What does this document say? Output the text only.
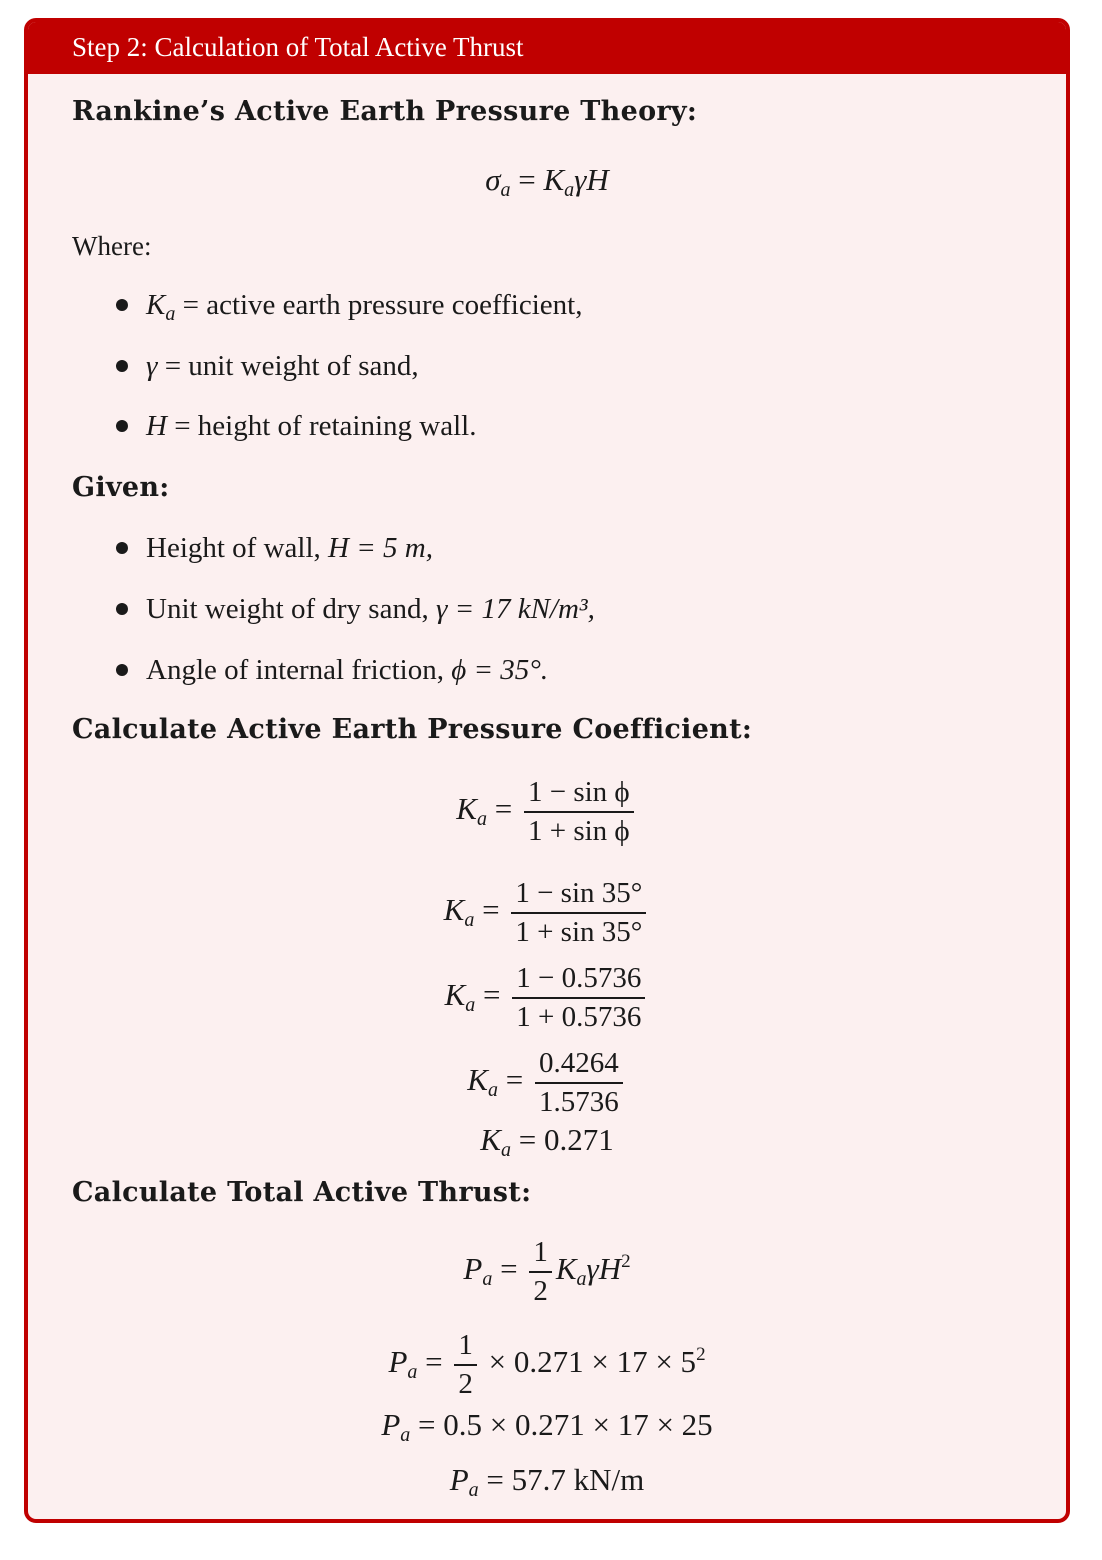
Step 2: Calculation of Total Active Thrust
Rankine’s Active Earth Pressure Theory:
$\sigma_a = K_a\gamma H$
Where:
$K_a$ = active earth pressure coefficient,
γ = unit weight of sand,
H = height of retaining wall.
Given:
Height of wall, H = 5 m,
Unit weight of dry sand, γ = 17 kN/m³,
Angle of internal friction, ϕ = 35°.
Calculate Active Earth Pressure Coefficient:
$K_a = \frac{\text{1 − sin ϕ}}{\text{1 + sin ϕ}}$
$K_a = \frac{1 - \sin 35^\circ}{1 + \sin 35^\circ}$
$K_a = \frac{1 - 0.5736}{1 + 0.5736}$
$K_a = \frac{0.4264}{1.5736}$
$K_a = 0.271$
Calculate Total Active Thrust:
$P_a = \frac{1}{2} K_a\gamma H^2$
$P_a = \frac{1}{2} \times 0.271 \times 17 \times 5^2$
$P_a = 0.5 \times 0.271 \times 17 \times 25$
$P_a = 57.7$ kN/m
